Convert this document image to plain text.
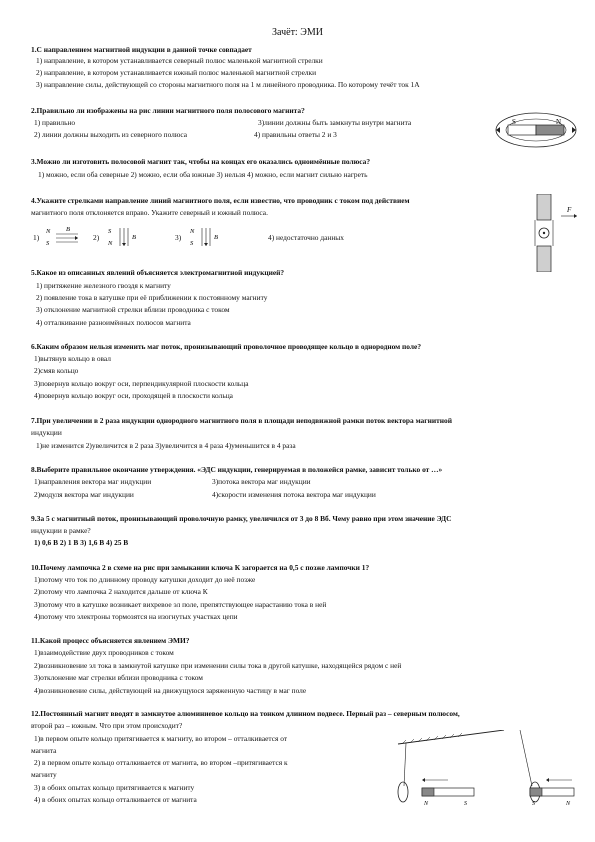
Зачёт: ЭМИ
1.С направлением магнитной индукции в данной точке совпадает
1) направление, в котором устанавливается северный полюс маленькой магнитной стрелки
2) направление, в котором устанавливается южный полюс маленькой магнитной стрелки
3) направление силы, действующей со стороны магнитного поля на 1 м линейного проводника. По которому течёт ток 1А
2.Правильно ли изображены на рис линии магнитного поля полосового магнита?
1) правильно	3)линии должны быть замкнуты внутри магнита
2) линии должны выходить из северного полюса	4) правильны ответы 2 и 3
S	N
3.Можно ли изготовить полосовой магнит так, чтобы на концах его оказались одноимённые полюса?
1) можно, если оба северные 2) можно, если оба южные 3) нельзя 4) можно, если магнит сильно нагреть
4.Укажите стрелками направление линий магнитного поля, если известно, что проводник с током под действием
магнитного поля отклоняется вправо. Укажите северный и южный полюса.
1)
N
S
B
2)
S
N
B	3)
N
S
B	4) недостаточно данных
F
5.Какое из описанных явлений объясняется электромагнитной индукцией?
1) притяжение железного гвоздя к магниту
2) появление тока в катушке при её приближении к постоянному магниту
3) отклонение магнитной стрелки вблизи проводника с током
4) отталкивание разноимённых полюсов магнита
6.Каким образом нельзя изменить маг поток, пронизывающий проволочное проводящее кольцо в однородном поле?
1)вытянув кольцо в овал
2)смяв кольцо
3)повернув кольцо вокруг оси, перпендикулярной плоскости кольца
4)повернув кольцо вокруг оси, проходящей в плоскости кольца
7.При увеличении в 2 раза индукции однородного магнитного поля в площади неподвижной рамки поток вектора магнитной
индукции
1)не изменится 2)увеличится в 2 раза 3)увеличится в 4 раза 4)уменьшится в 4 раза
8.Выберите правильное окончание утверждения. «ЭДС индукции, генерируемая в положейся рамке, зависит только от …»
1)направления вектора маг индукции	3)потока вектора маг индукции
2)модуля вектора маг индукции	4)скорости изменения потока вектора маг индукции
9.За 5 с магнитный поток, пронизывающий проволочную рамку, увеличился от 3 до 8 Вб. Чему равно при этом значение ЭДС
индукции в рамке?
1) 0,6 В 2) 1 В 3) 1,6 В 4) 25 В
10.Почему лампочка 2 в схеме на рис при замыкании ключа К загорается на 0,5 с позже лампочки 1?
1)потому что ток по длинному проводу катушки доходит до неё позже
2)потому что лампочка 2 находится дальше от ключа К
3)потому что в катушке возникает вихревое эл поле, препятствующее нарастанию тока в ней
4)потому что электроны тормозятся на изогнутых участках цепи
11.Какой процесс объясняется явлением ЭМИ?
1)взаимодействие двух проводников с током
2)возникновение эл тока в замкнутой катушке при изменении силы тока в другой катушке, находящейся рядом с ней
3)отклонение маг стрелки вблизи проводника с током
4)возникновение силы, действующей на движущуюся заряженную частицу в маг поле
12.Постоянный магнит вводят в замкнутое алюминиевое кольцо на тонком длинном подвесе. Первый раз – северным полюсом,
второй раз – южным. Что при этом происходит?
1)в первом опыте кольцо притягивается к магниту, во втором – отталкивается от
магнита
2) в первом опыте кольцо отталкивается от магнита, во втором –притягивается к
магниту
3) в обоих опытах кольцо притягивается к магниту
4) в обоих опытах кольцо отталкивается от магнита	N	S	S	N
